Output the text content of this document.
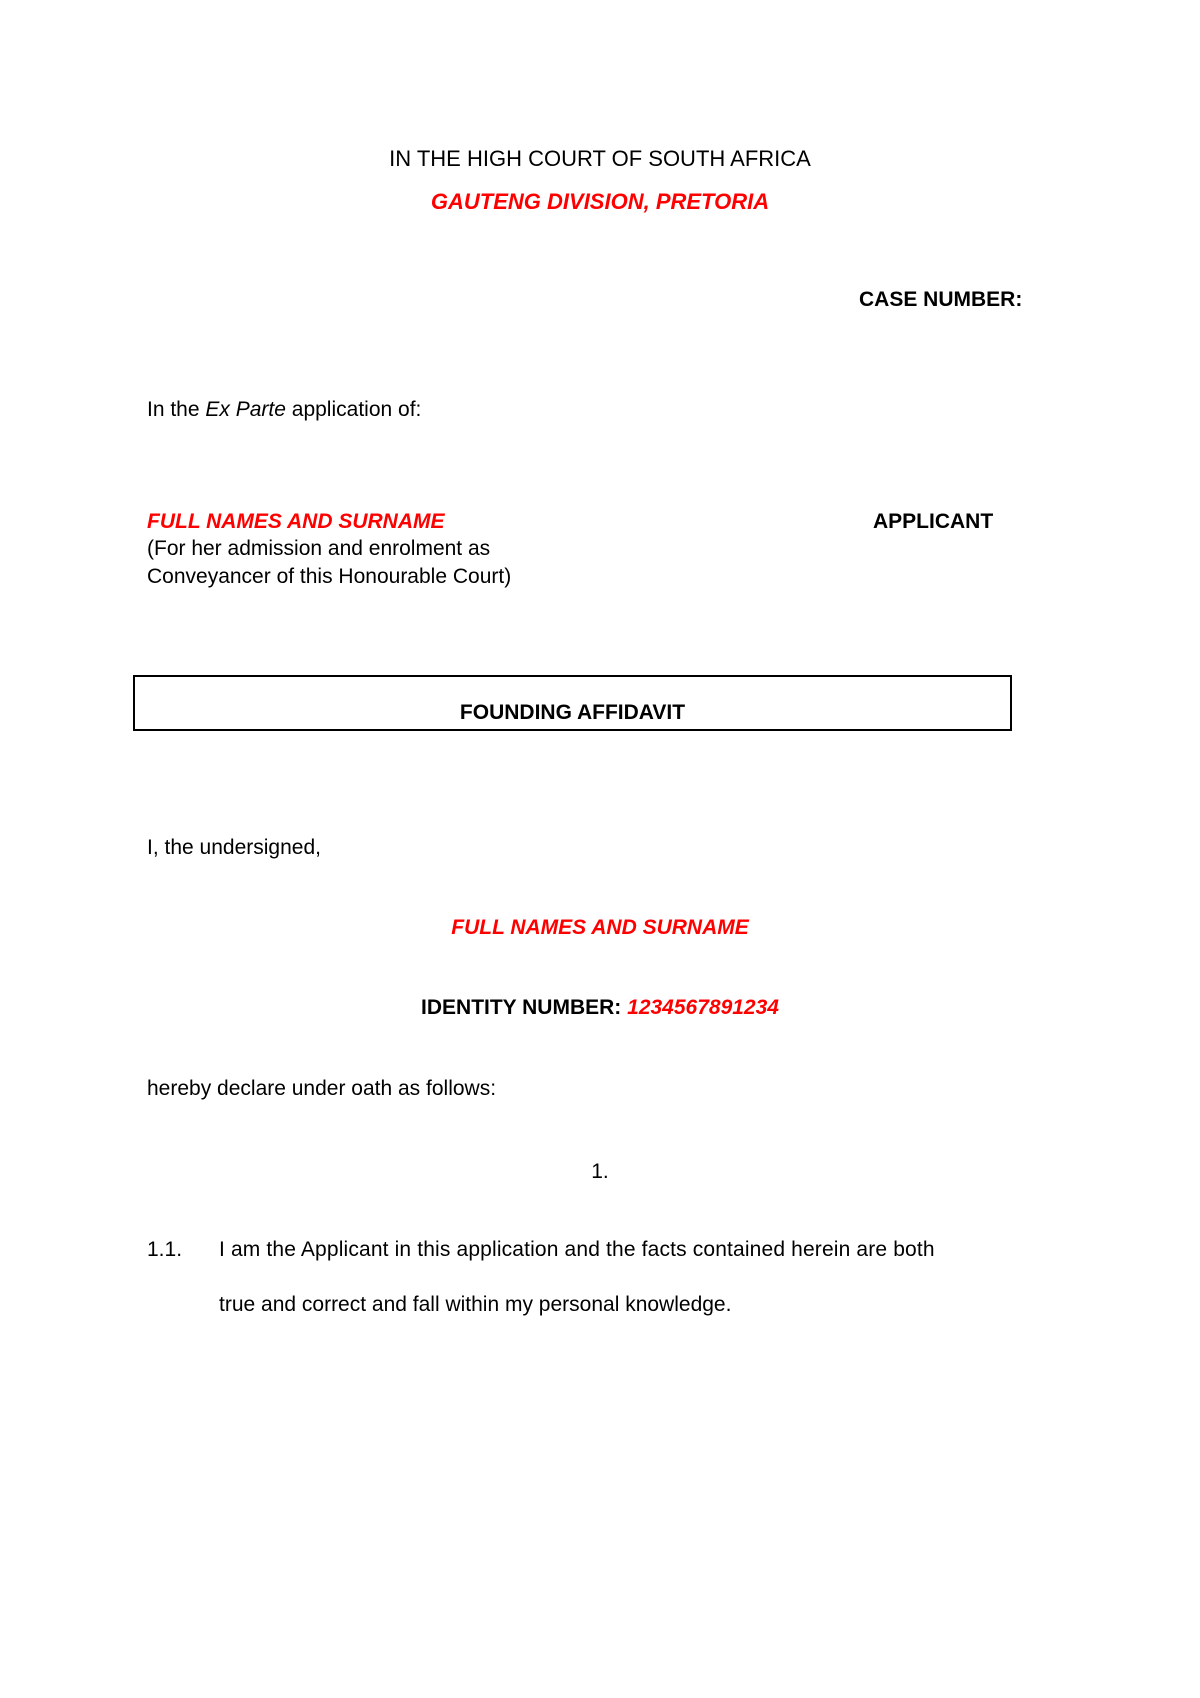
IN THE HIGH COURT OF SOUTH AFRICA
GAUTENG DIVISION, PRETORIA
CASE NUMBER:
In the Ex Parte application of:
FULL NAMES AND SURNAME	APPLICANT
(For her admission and enrolment as
Conveyancer of this Honourable Court)
FOUNDING AFFIDAVIT
I, the undersigned,
FULL NAMES AND SURNAME
IDENTITY NUMBER: 1234567891234
hereby declare under oath as follows:
1.
1.1. I am the Applicant in this application and the facts contained herein are both
true and correct and fall within my personal knowledge.
